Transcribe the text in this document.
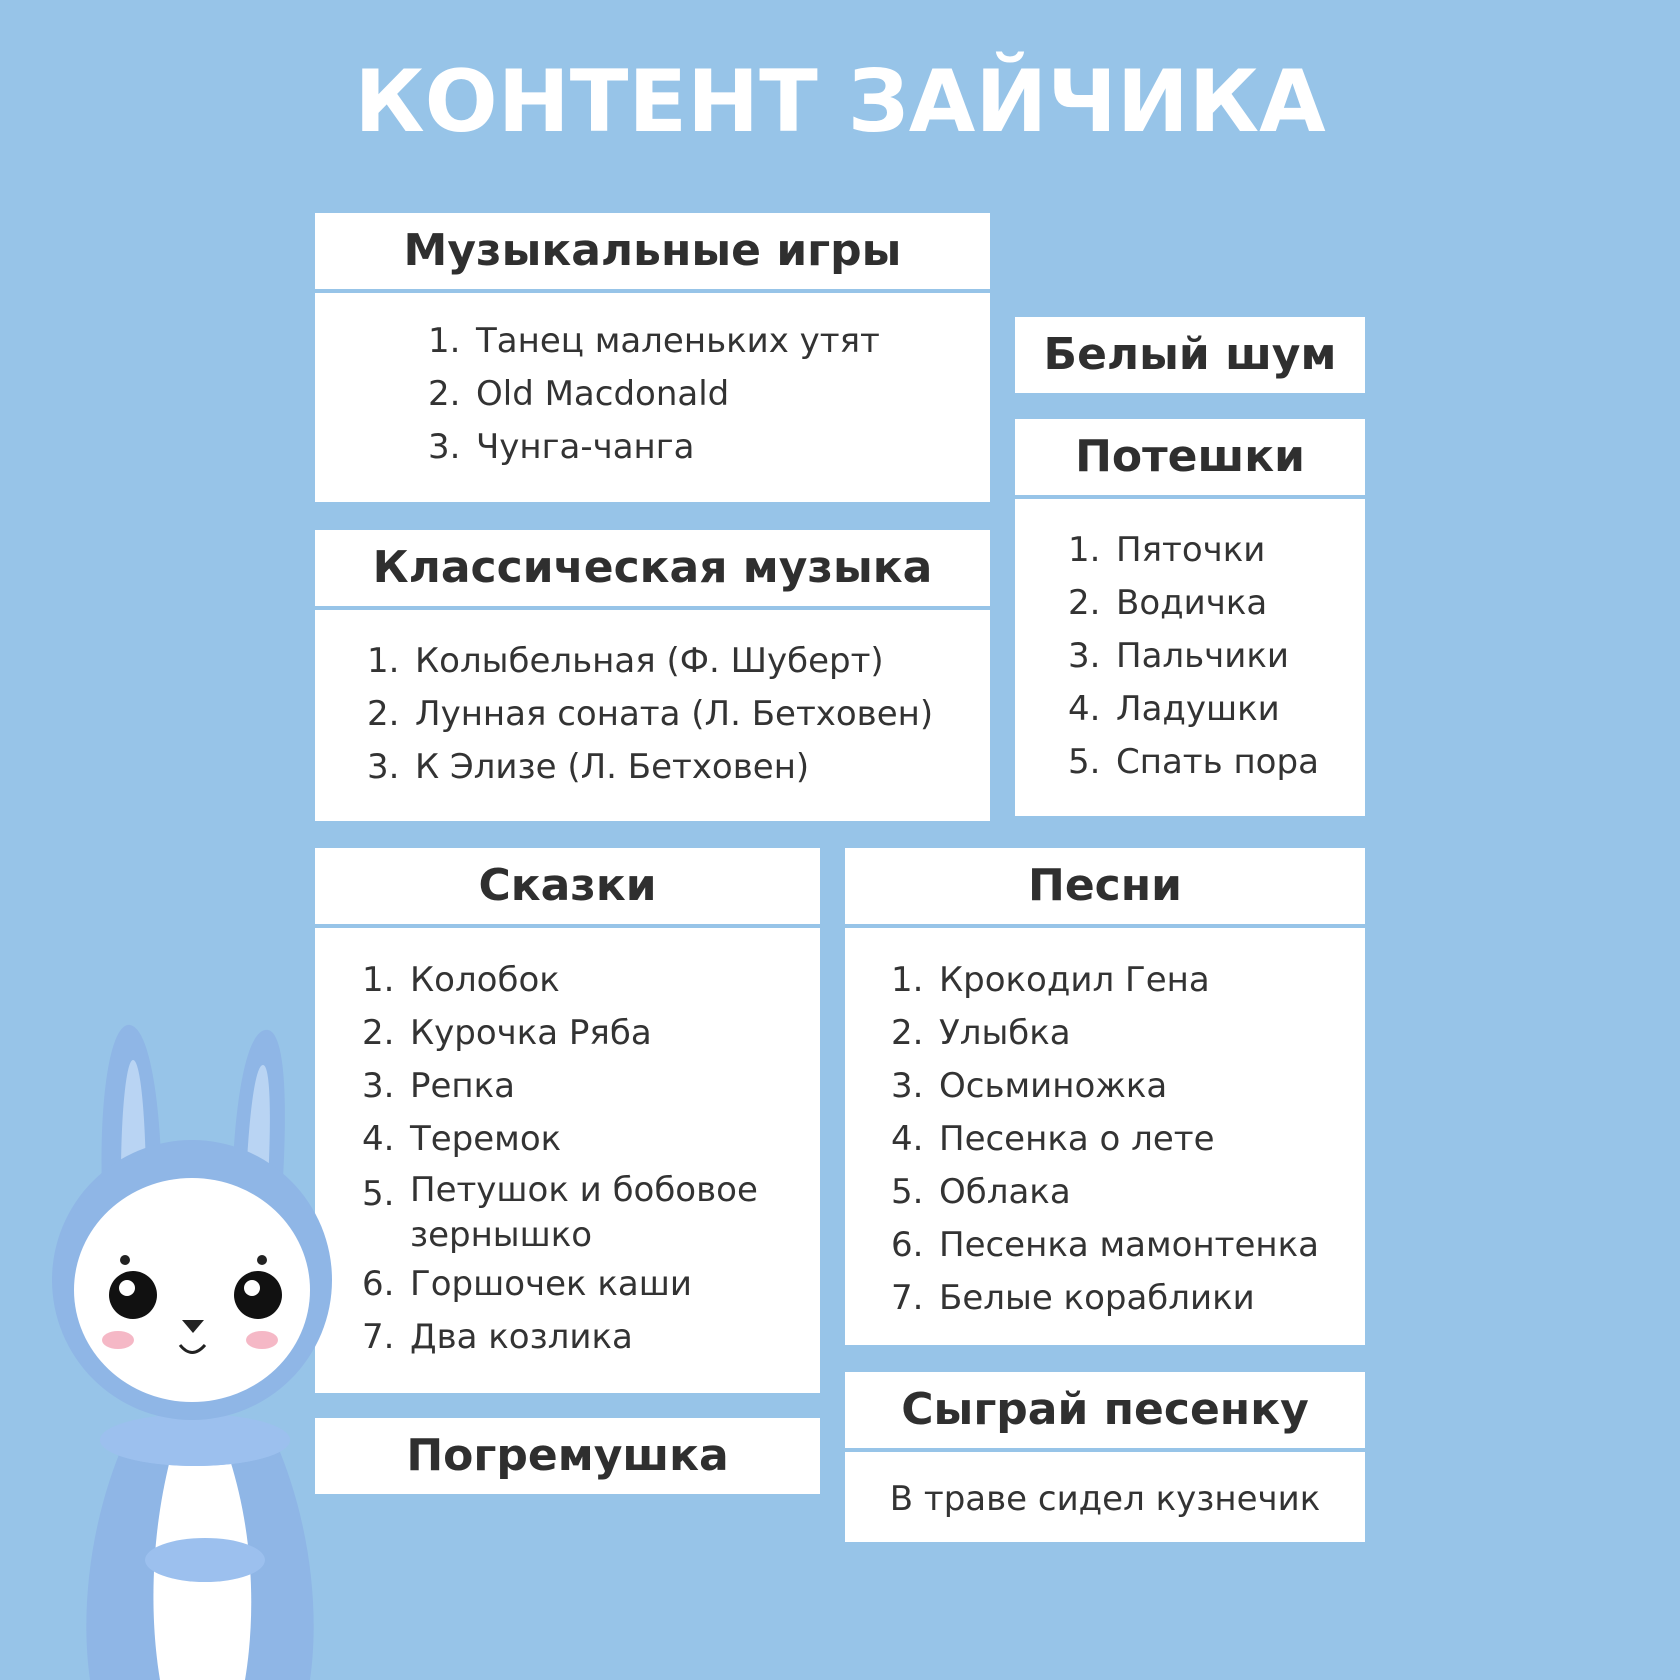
КОНТЕНТ ЗАЙЧИКА
Музыкальные игры
1. Танец маленьких утят
2. Old Macdonald
3. Чунга-чанга
Белый шум
Потешки
1. Пяточки
2. Водичка
3. Пальчики
4. Ладушки
5. Спать пора
Классическая музыка
1. Колыбельная (Ф. Шуберт)
2. Лунная соната (Л. Бетховен)
3. К Элизе (Л. Бетховен)
Сказки
1. Колобок
2. Курочка Ряба
3. Репка
4. Теремок
5. Петушок и бобовое
зернышко
6. Горшочек каши
7. Два козлика
Песни
1. Крокодил Гена
2. Улыбка
3. Осьминожка
4. Песенка о лете
5. Облака
6. Песенка мамонтенка
7. Белые кораблики
Погремушка
Сыграй песенку
В траве сидел кузнечик
